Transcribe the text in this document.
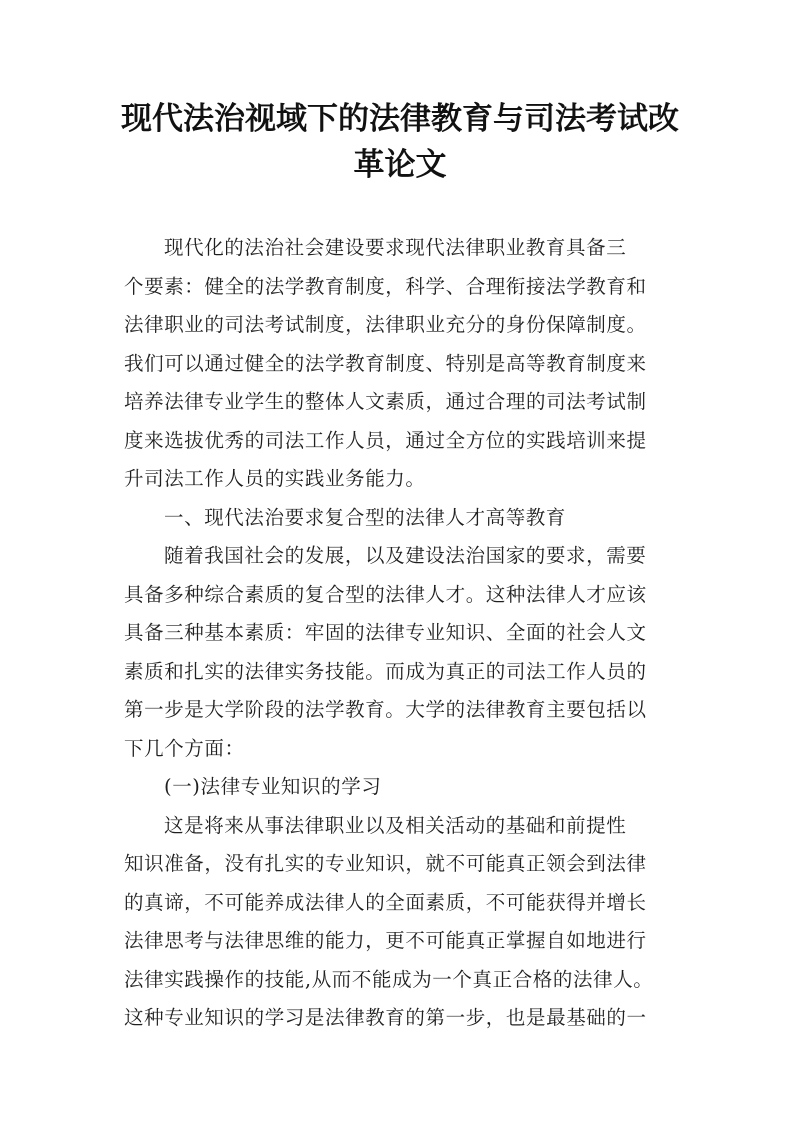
现代法治视域下的法律教育与司法考试改
革论文
现代化的法治社会建设要求现代法律职业教育具备三
个要素：健全的法学教育制度，科学、合理衔接法学教育和
法律职业的司法考试制度，法律职业充分的身份保障制度。
我们可以通过健全的法学教育制度、特别是高等教育制度来
培养法律专业学生的整体人文素质，通过合理的司法考试制
度来选拔优秀的司法工作人员，通过全方位的实践培训来提
升司法工作人员的实践业务能力。
一、现代法治要求复合型的法律人才高等教育
随着我国社会的发展，以及建设法治国家的要求，需要
具备多种综合素质的复合型的法律人才。这种法律人才应该
具备三种基本素质：牢固的法律专业知识、全面的社会人文
素质和扎实的法律实务技能。而成为真正的司法工作人员的
第一步是大学阶段的法学教育。大学的法律教育主要包括以
下几个方面：
(一)法律专业知识的学习
这是将来从事法律职业以及相关活动的基础和前提性
知识准备，没有扎实的专业知识，就不可能真正领会到法律
的真谛，不可能养成法律人的全面素质，不可能获得并增长
法律思考与法律思维的能力，更不可能真正掌握自如地进行
法律实践操作的技能,从而不能成为一个真正合格的法律人。
这种专业知识的学习是法律教育的第一步，也是最基础的一
